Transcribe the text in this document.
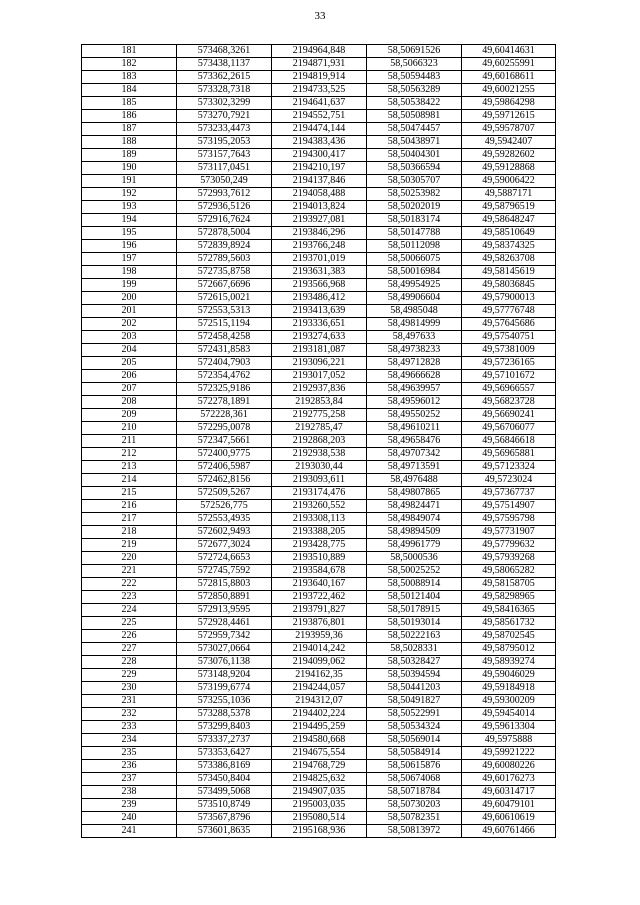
33
181	573468,3261	2194964,848	58,50691526	49,60414631
182	573438,1137	2194871,931	58,5066323	49,60255991
183	573362,2615	2194819,914	58,50594483	49,60168611
184	573328,7318	2194733,525	58,50563289	49,60021255
185	573302,3299	2194641,637	58,50538422	49,59864298
186	573270,7921	2194552,751	58,50508981	49,59712615
187	573233,4473	2194474,144	58,50474457	49,59578707
188	573195,2053	2194383,436	58,50438971	49,5942407
189	573157,7643	2194300,417	58,50404301	49,59282602
190	573117,0451	2194210,197	58,50366594	49,59128868
191	573050,249	2194137,846	58,50305707	49,59006422
192	572993,7612	2194058,488	58,50253982	49,5887171
193	572936,5126	2194013,824	58,50202019	49,58796519
194	572916,7624	2193927,081	58,50183174	49,58648247
195	572878,5004	2193846,296	58,50147788	49,58510649
196	572839,8924	2193766,248	58,50112098	49,58374325
197	572789,5603	2193701,019	58,50066075	49,58263708
198	572735,8758	2193631,383	58,50016984	49,58145619
199	572667,6696	2193566,968	58,49954925	49,58036845
200	572615,0021	2193486,412	58,49906604	49,57900013
201	572553,5313	2193413,639	58,4985048	49,57776748
202	572515,1194	2193336,651	58,49814999	49,57645686
203	572458,4258	2193274,633	58,497633	49,57540751
204	572431,8583	2193181,087	58,49738233	49,57381009
205	572404,7903	2193096,221	58,49712828	49,57236165
206	572354,4762	2193017,052	58,49666628	49,57101672
207	572325,9186	2192937,836	58,49639957	49,56966557
208	572278,1891	2192853,84	58,49596012	49,56823728
209	572228,361	2192775,258	58,49550252	49,56690241
210	572295,0078	2192785,47	58,49610211	49,56706077
211	572347,5661	2192868,203	58,49658476	49,56846618
212	572400,9775	2192938,538	58,49707342	49,56965881
213	572406,5987	2193030,44	58,49713591	49,57123324
214	572462,8156	2193093,611	58,4976488	49,5723024
215	572509,5267	2193174,476	58,49807865	49,57367737
216	572526,775	2193260,552	58,49824471	49,57514907
217	572553,4935	2193308,113	58,49849074	49,57595798
218	572602,9493	2193388,205	58,49894509	49,57731907
219	572677,3024	2193428,775	58,49961779	49,57799632
220	572724,6653	2193510,889	58,5000536	49,57939268
221	572745,7592	2193584,678	58,50025252	49,58065282
222	572815,8803	2193640,167	58,50088914	49,58158705
223	572850,8891	2193722,462	58,50121404	49,58298965
224	572913,9595	2193791,827	58,50178915	49,58416365
225	572928,4461	2193876,801	58,50193014	49,58561732
226	572959,7342	2193959,36	58,50222163	49,58702545
227	573027,0664	2194014,242	58,5028331	49,58795012
228	573076,1138	2194099,062	58,50328427	49,58939274
229	573148,9204	2194162,35	58,50394594	49,59046029
230	573199,6774	2194244,057	58,50441203	49,59184918
231	573255,1036	2194312,07	58,50491827	49,59300209
232	573288,5378	2194402,224	58,50522991	49,59454014
233	573299,8403	2194495,259	58,50534324	49,59613304
234	573337,2737	2194580,668	58,50569014	49,5975888
235	573353,6427	2194675,554	58,50584914	49,59921222
236	573386,8169	2194768,729	58,50615876	49,60080226
237	573450,8404	2194825,632	58,50674068	49,60176273
238	573499,5068	2194907,035	58,50718784	49,60314717
239	573510,8749	2195003,035	58,50730203	49,60479101
240	573567,8796	2195080,514	58,50782351	49,60610619
241	573601,8635	2195168,936	58,50813972	49,60761466
